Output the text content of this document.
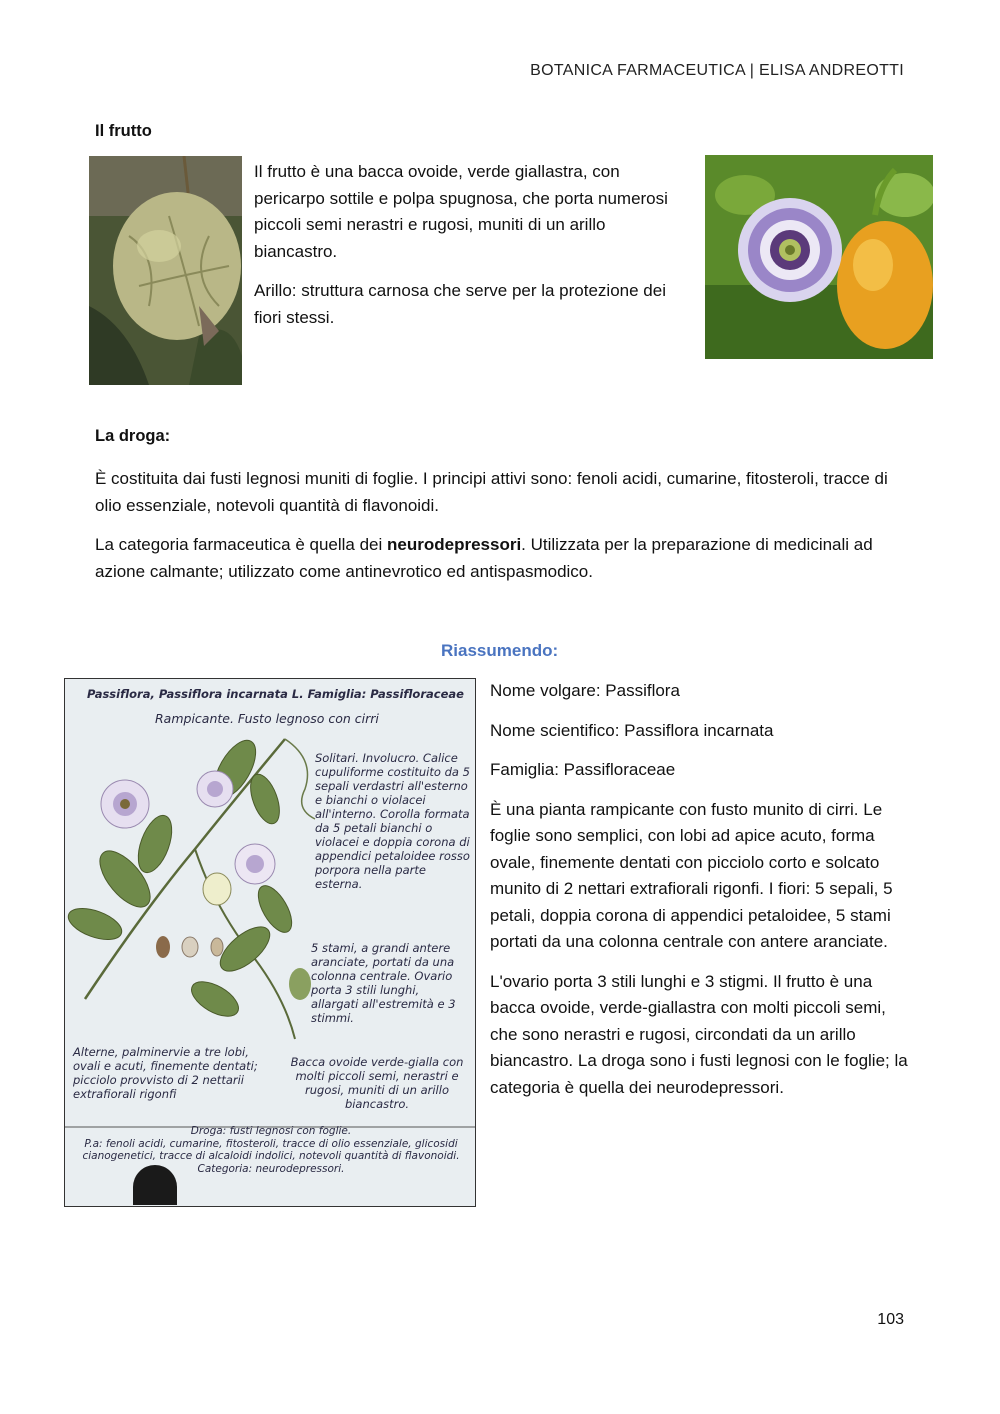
BOTANICA FARMACEUTICA | ELISA ANDREOTTI
Il frutto

Il frutto è una bacca ovoide, verde giallastra, con pericarpo sottile e polpa spugnosa, che porta numerosi piccoli semi nerastri e rugosi, muniti di un arillo biancastro.

Arillo: struttura carnosa che serve per la protezione dei fiori stessi.

La droga:

È costituita dai fusti legnosi muniti di foglie. I principi attivi sono: fenoli acidi, cumarine, fitosteroli, tracce di olio essenziale, notevoli quantità di flavonoidi.

La categoria farmaceutica è quella dei neurodepressori. Utilizzata per la preparazione di medicinali ad azione calmante; utilizzato come antinevrotico ed antispasmodico.

Riassumendo:
Passiflora, Passiflora incarnata L. Famiglia: Passifloraceae
Rampicante. Fusto legnoso con cirri
Solitari. Involucro. Calice cupuliforme costituito da 5 sepali verdastri all'esterno e bianchi o violacei all'interno. Corolla formata da 5 petali bianchi o violacei e doppia corona di appendici petaloidee rosso porpora nella parte esterna.
5 stami, a grandi antere aranciate, portati da una colonna centrale. Ovario porta 3 stili lunghi, allargati all'estremità e 3 stimmi.
Alterne, palminervie a tre lobi, ovali e acuti, finemente dentati; picciolo provvisto di 2 nettarii extrafiorali rigonfi
Bacca ovoide verde-gialla con molti piccoli semi, nerastri e rugosi, muniti di un arillo biancastro.
Droga: fusti legnosi con foglie.
P.a: fenoli acidi, cumarine, fitosteroli, tracce di olio essenziale, glicosidi cianogenetici, tracce di alcaloidi indolici, notevoli quantità di flavonoidi.
Categoria: neurodepressori.

Nome volgare: Passiflora

Nome scientifico: Passiflora incarnata

Famiglia: Passifloraceae

È una pianta rampicante con fusto munito di cirri. Le foglie sono semplici, con lobi ad apice acuto, forma ovale, finemente dentati con picciolo corto e solcato munito di 2 nettari extrafiorali rigonfi. I fiori: 5 sepali, 5 petali, doppia corona di appendici petaloidee, 5 stami portati da una colonna centrale con antere aranciate.

L'ovario porta 3 stili lunghi e 3 stigmi. Il frutto è una bacca ovoide, verde-giallastra con molti piccoli semi, che sono nerastri e rugosi, circondati da un arillo biancastro. La droga sono i fusti legnosi con le foglie; la categoria è quella dei neurodepressori.

103
